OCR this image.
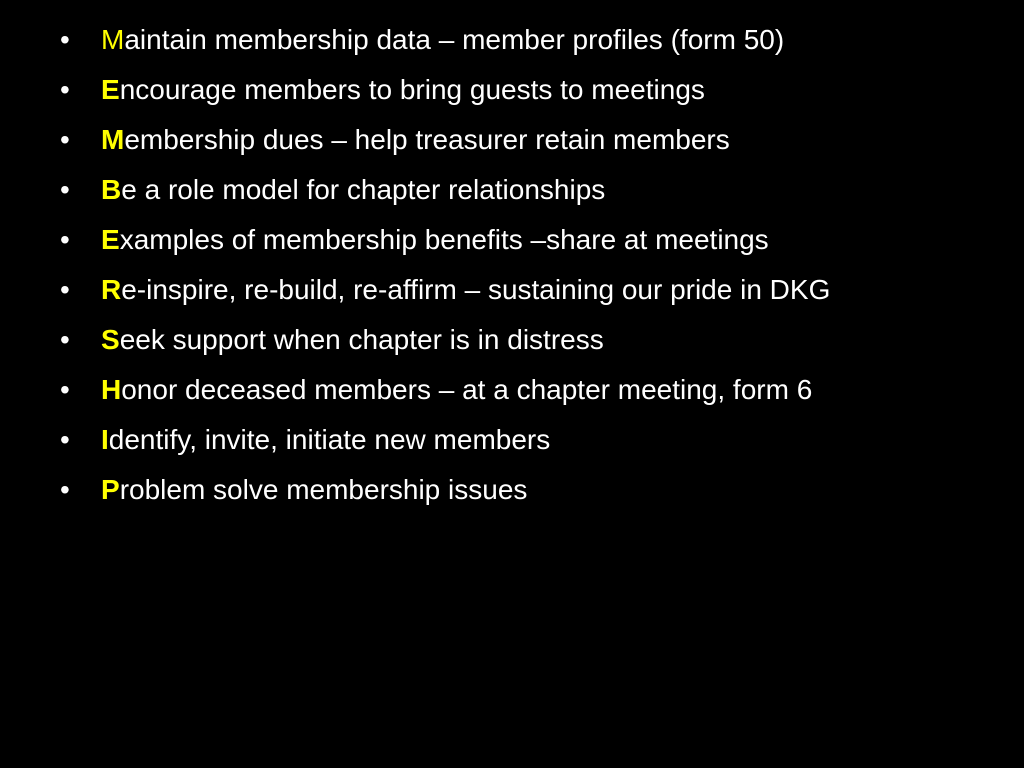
•	Maintain membership data – member profiles (form 50)
•	Encourage members to bring guests to meetings
•	Membership dues – help treasurer retain members
•	Be a role model for chapter relationships
•	Examples of membership benefits –share at meetings
•	Re-inspire, re-build, re-affirm – sustaining our pride in DKG
•	Seek support when chapter is in distress
•	Honor deceased members – at a chapter meeting, form 6
•	Identify, invite, initiate new members
•	Problem solve membership issues
